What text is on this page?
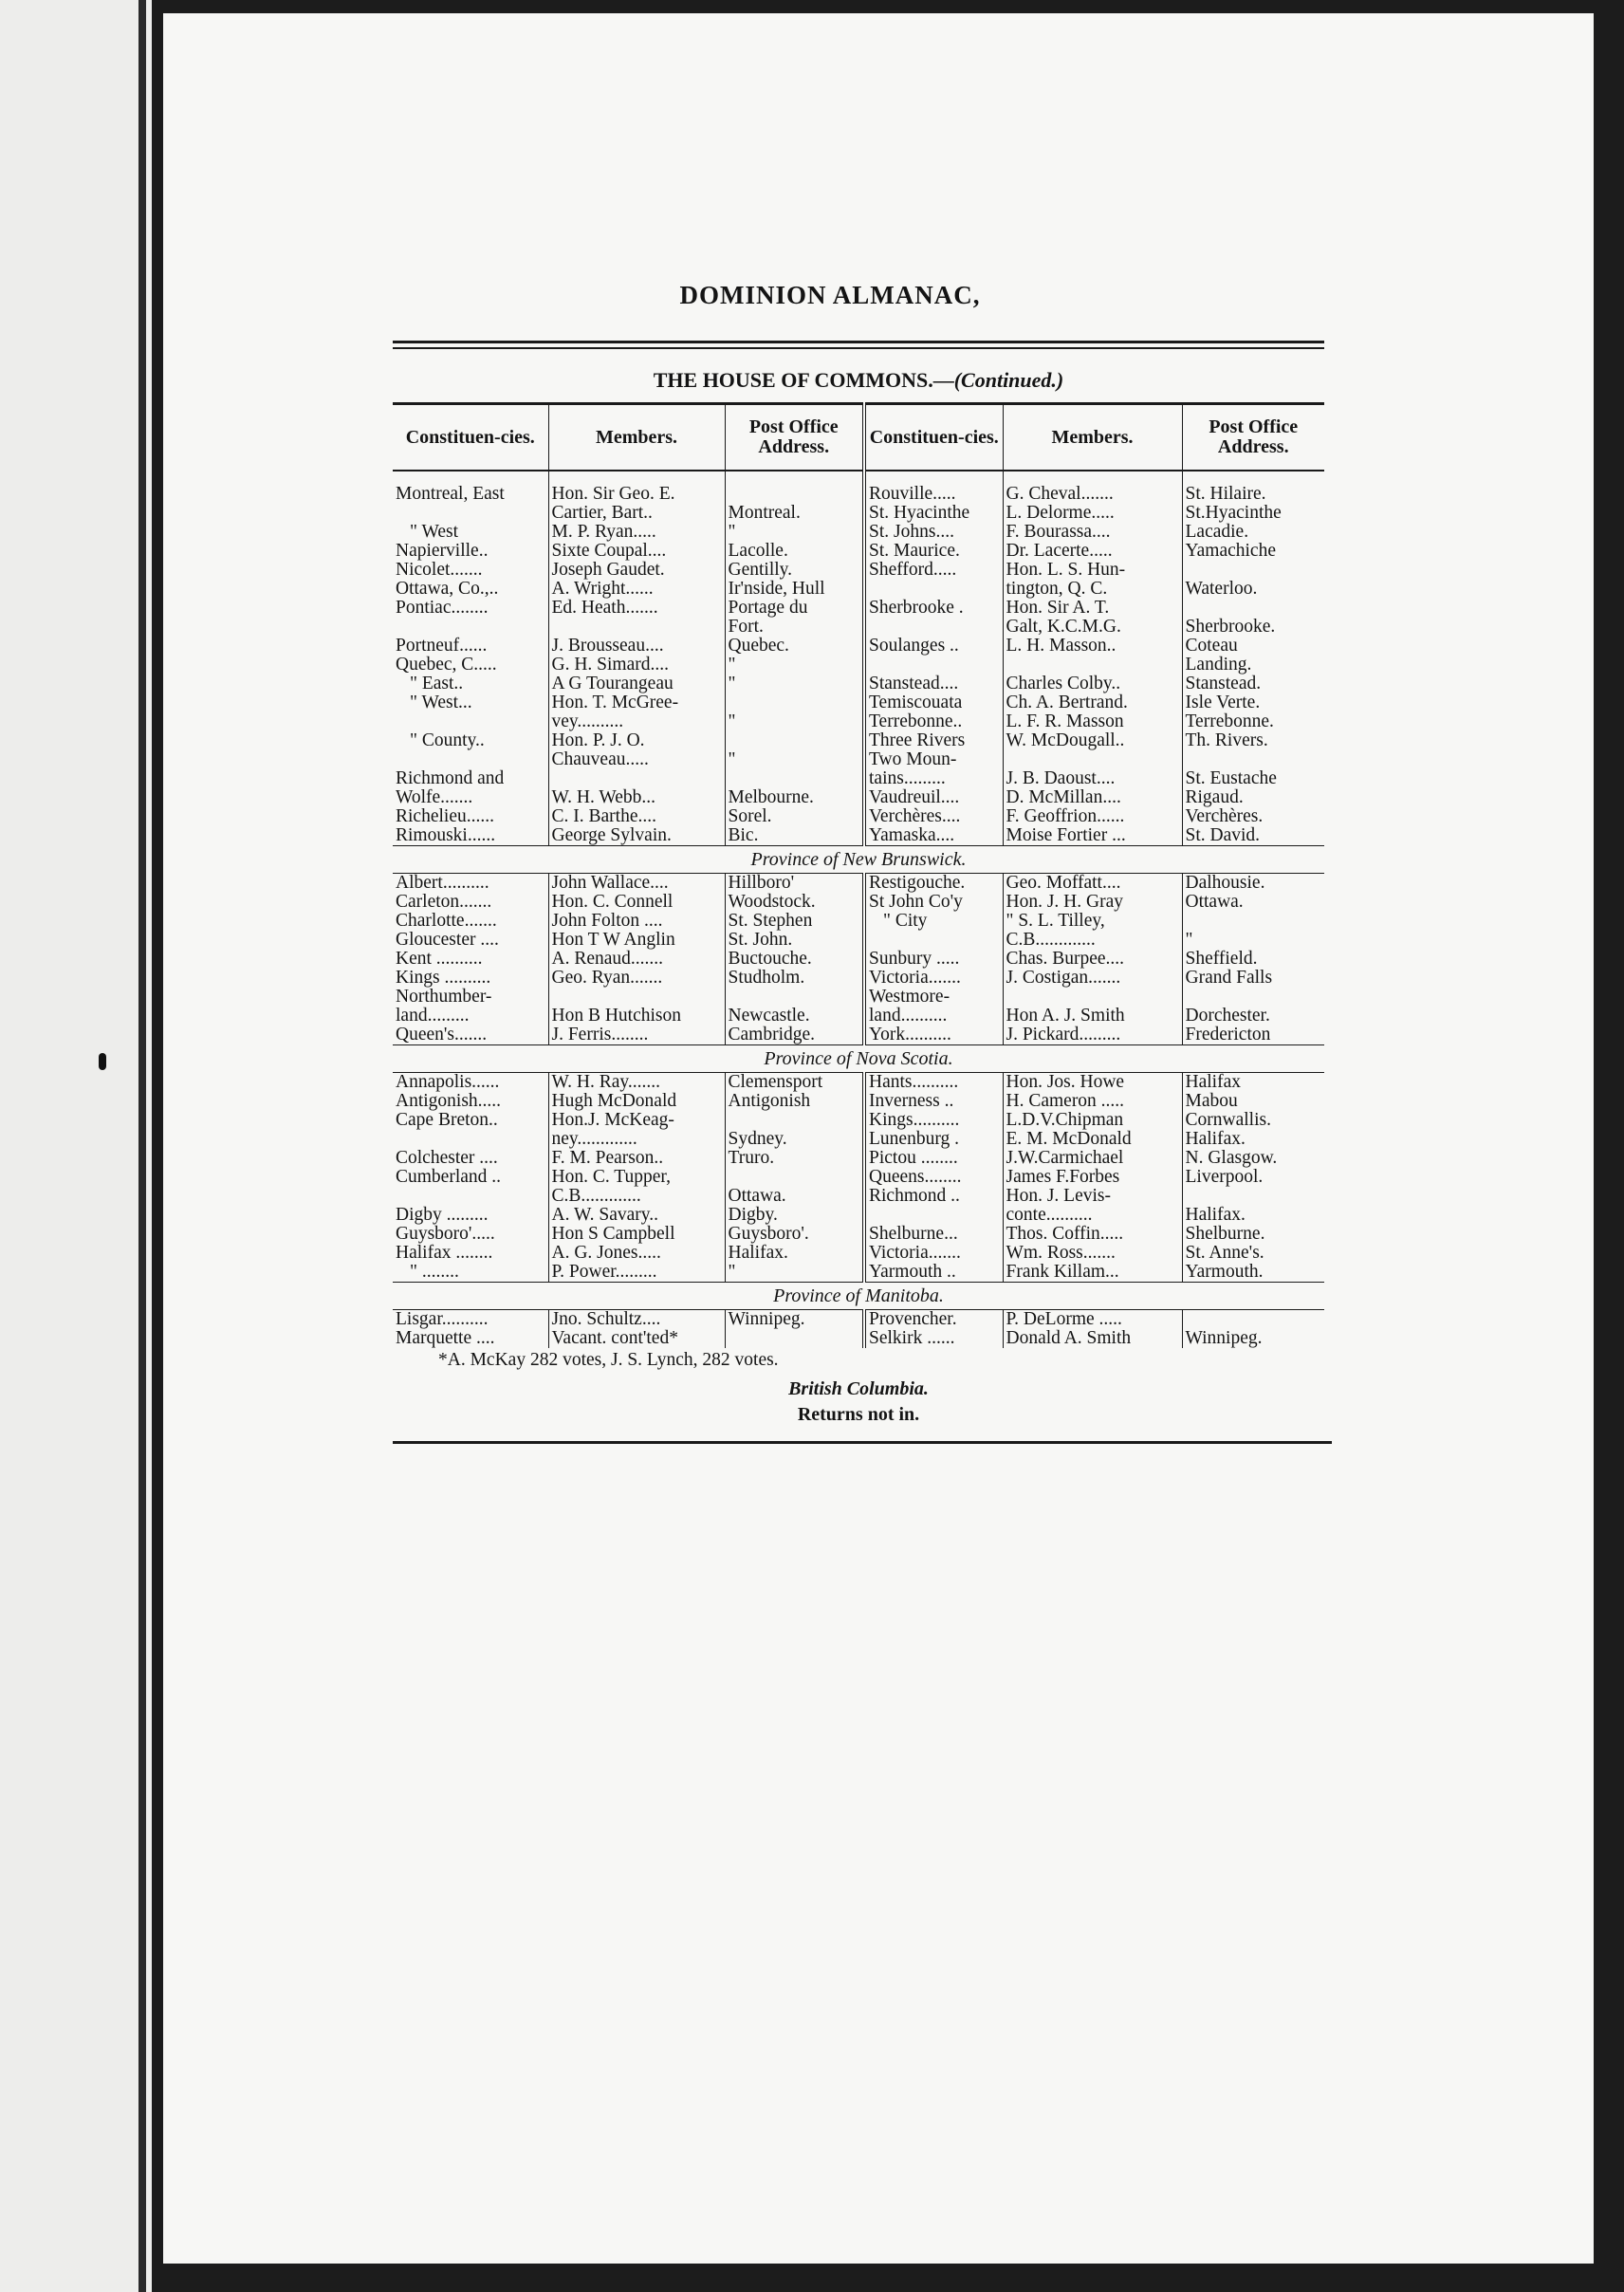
DOMINION ALMANAC,
THE HOUSE OF COMMONS.—(Continued.)
Constituen-cies.	Members.	Post Office Address.	Constituen-cies.	Members.	Post Office Address.
Montreal, East	Hon. Sir Geo. E.		Rouville.....	G. Cheval.......	St. Hilaire.
	Cartier, Bart..	Montreal.	St. Hyacinthe	L. Delorme.....	St.Hyacinthe
" West	M. P. Ryan.....	"	St. Johns....	F. Bourassa....	Lacadie.
Napierville..	Sixte Coupal....	Lacolle.	St. Maurice.	Dr. Lacerte.....	Yamachiche
Nicolet.......	Joseph Gaudet.	Gentilly.	Shefford.....	Hon. L. S. Hun-	
Ottawa, Co.,..	A. Wright......	Ir'nside, Hull		tington, Q. C.	Waterloo.
Pontiac........	Ed. Heath.......	Portage du	Sherbrooke .	Hon. Sir A. T.	
		Fort.		Galt, K.C.M.G.	Sherbrooke.
Portneuf......	J. Brousseau....	Quebec.	Soulanges ..	L. H. Masson..	Coteau
Quebec, C.....	G. H. Simard....	"			Landing.
" East..	A G Tourangeau	"	Stanstead....	Charles Colby..	Stanstead.
" West...	Hon. T. McGree-		Temiscouata	Ch. A. Bertrand.	Isle Verte.
	vey..........	"	Terrebonne..	L. F. R. Masson	Terrebonne.
" County..	Hon. P. J. O.		Three Rivers	W. McDougall..	Th. Rivers.
	Chauveau.....	"	Two Moun-		
Richmond and			tains.........	J. B. Daoust....	St. Eustache
Wolfe.......	W. H. Webb...	Melbourne.	Vaudreuil....	D. McMillan....	Rigaud.
Richelieu......	C. I. Barthe....	Sorel.	Verchères....	F. Geoffrion......	Verchères.
Rimouski......	George Sylvain.	Bic.	Yamaska....	Moise Fortier ...	St. David.
Province of New Brunswick.					
Albert..........	John Wallace....	Hillboro'	Restigouche.	Geo. Moffatt....	Dalhousie.
Carleton.......	Hon. C. Connell	Woodstock.	St John Co'y	Hon. J. H. Gray	Ottawa.
Charlotte.......	John Folton ....	St. Stephen	" City	" S. L. Tilley,	
Gloucester ....	Hon T W Anglin	St. John.		C.B.............	"
Kent ..........	A. Renaud.......	Buctouche.	Sunbury .....	Chas. Burpee....	Sheffield.
Kings ..........	Geo. Ryan.......	Studholm.	Victoria.......	J. Costigan.......	Grand Falls
Northumber-			Westmore-		
land.........	Hon B Hutchison	Newcastle.	land..........	Hon A. J. Smith	Dorchester.
Queen's.......	J. Ferris........	Cambridge.	York..........	J. Pickard.........	Fredericton
Province of Nova Scotia.					
Annapolis......	W. H. Ray.......	Clemensport	Hants..........	Hon. Jos. Howe	Halifax
Antigonish.....	Hugh McDonald	Antigonish	Inverness ..	H. Cameron .....	Mabou
Cape Breton..	Hon.J. McKeag-		Kings..........	L.D.V.Chipman	Cornwallis.
	ney.............	Sydney.	Lunenburg .	E. M. McDonald	Halifax.
Colchester ....	F. M. Pearson..	Truro.	Pictou ........	J.W.Carmichael	N. Glasgow.
Cumberland ..	Hon. C. Tupper,		Queens........	James F.Forbes	Liverpool.
	C.B.............	Ottawa.	Richmond ..	Hon. J. Levis-	
Digby .........	A. W. Savary..	Digby.		conte..........	Halifax.
Guysboro'.....	Hon S Campbell	Guysboro'.	Shelburne...	Thos. Coffin.....	Shelburne.
Halifax ........	A. G. Jones.....	Halifax.	Victoria.......	Wm. Ross.......	St. Anne's.
" ........	P. Power.........	"	Yarmouth ..	Frank Killam...	Yarmouth.
Province of Manitoba.					
Lisgar..........	Jno. Schultz....	Winnipeg.	Provencher.	P. DeLorme .....	
Marquette ....	Vacant. cont'ted*		Selkirk ......	Donald A. Smith	Winnipeg.
*A. McKay 282 votes, J. S. Lynch, 282 votes.
British Columbia.
Returns not in.
